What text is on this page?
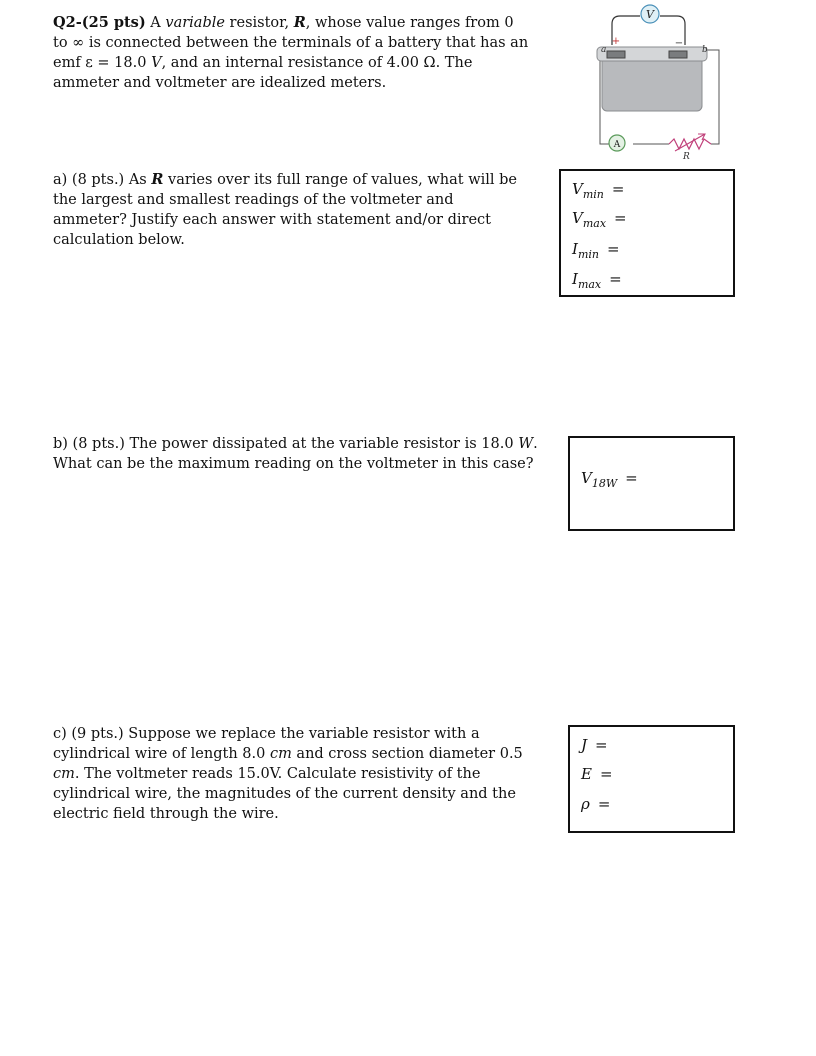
Q2-(25 pts) A variable resistor, R, whose value ranges from 0 to ∞ is connected between the terminals of a battery that has an emf ε = 18.0 V, and an internal resistance of 4.00 Ω. The ammeter and voltmeter are idealized meters.

V
a	b
+	−
A
R

a) (8 pts.) As R varies over its full range of values, what will be the largest and smallest readings of the voltmeter and ammeter? Justify each answer with statement and/or direct calculation below.

$V_{min}$ =
$V_{max}$ =
$I_{min}$ =
$I_{max}$ =

b) (8 pts.) The power dissipated at the variable resistor is 18.0 W. What can be the maximum reading on the voltmeter in this case?

$V_{18W}$ =

c) (9 pts.) Suppose we replace the variable resistor with a cylindrical wire of length 8.0 cm and cross section diameter 0.5 cm. The voltmeter reads 15.0V. Calculate resistivity of the cylindrical wire, the magnitudes of the current density and the electric field through the wire.

J =
E =
ρ =
